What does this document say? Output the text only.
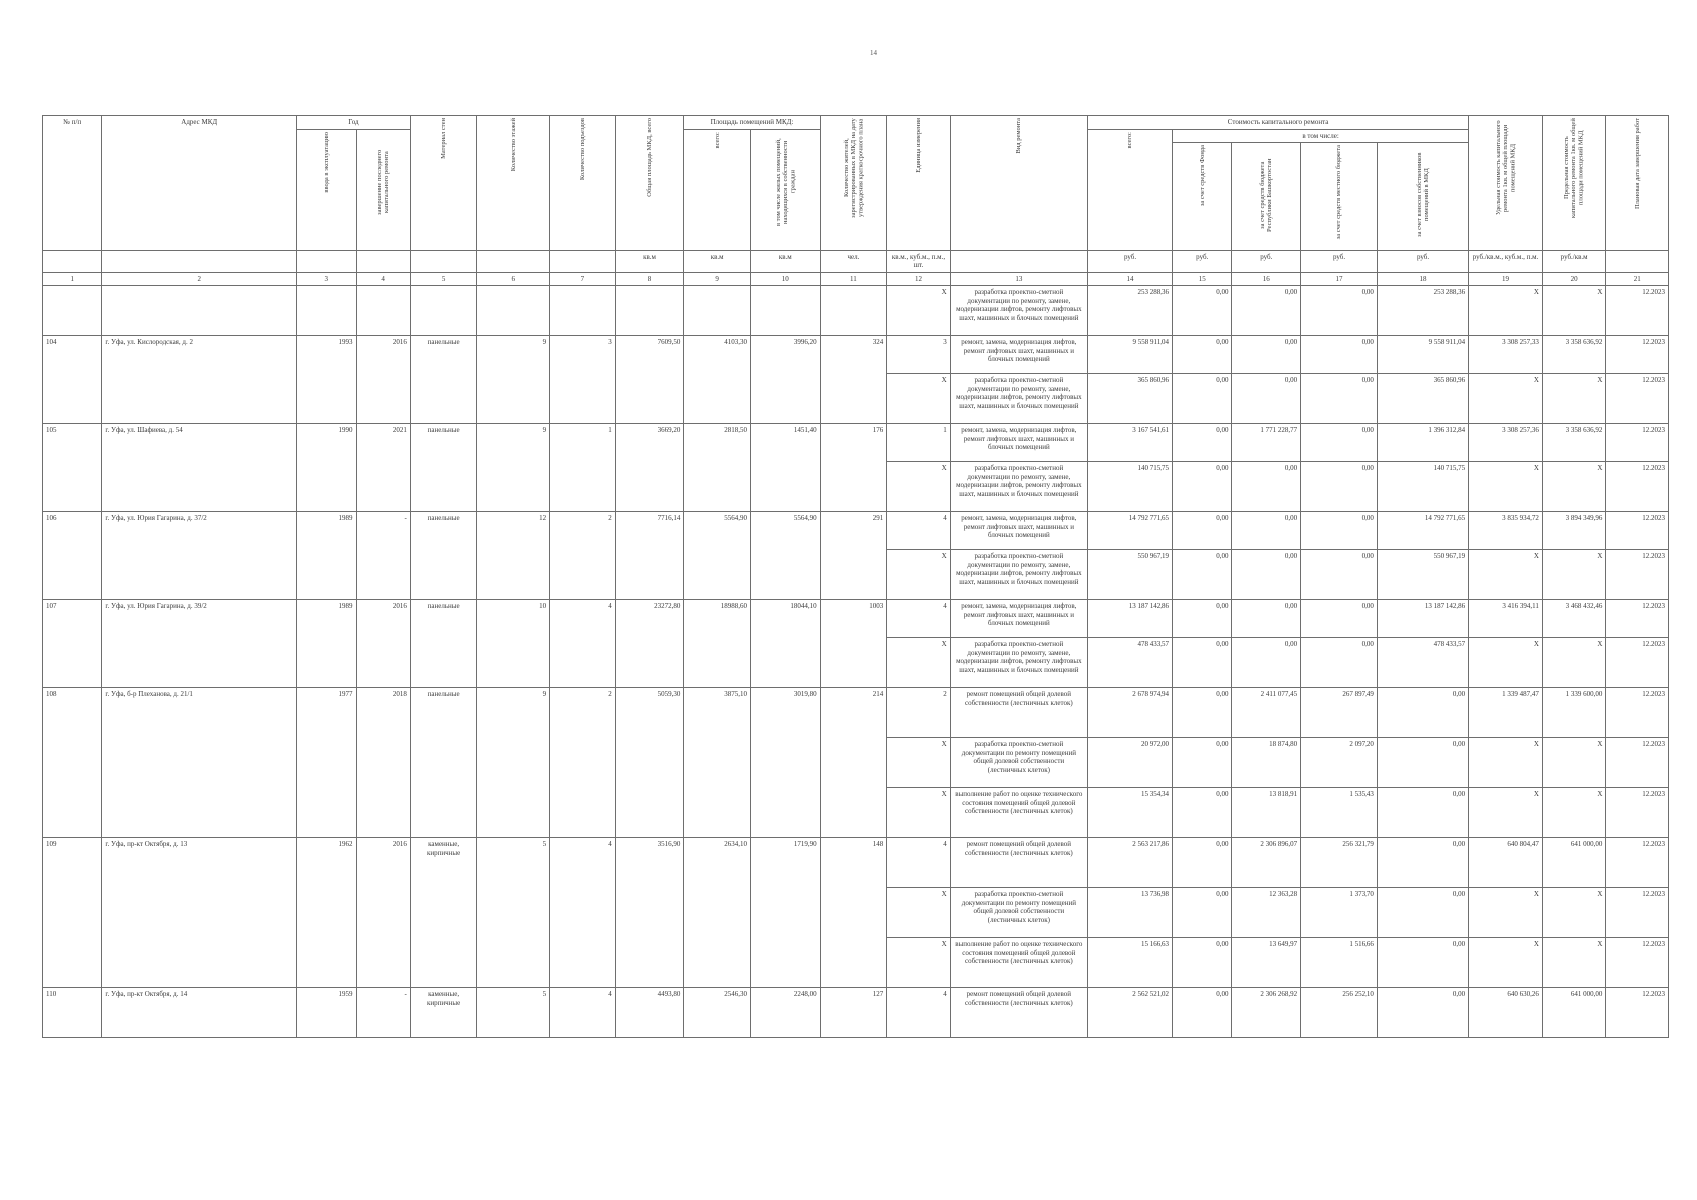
14
№ п/п	Адрес МКД	Год		Материал стен	Количество этажей	Количество подъездов	Общая площадь МКД, всего	Площадь помещений МКД:		Количество жителей, зарегистрированных в МКД на дату утверждения краткосрочного плана	Единица измерения	Вид ремонта	Стоимость капитального ремонта					Удельная стоимость капитального ремонта 1кв. м общей площади помещений МКД	Предельная стоимость капитального ремонта 1кв. м общей площади помещений МКД	Плановая дата завершения работ
		ввода в эксплуатацию	завершение последнего капитального ремонта					всего:	в том числе жилых помещений, находящихся в собственности граждан				всего:	в том числе:						
														за счет средств Фонда	за счет средств бюджета Республики Башкортостан	за счет средств местного бюджета	за счет взносов собственников помещений в МКД			
							кв.м	кв.м	кв.м	чел.	кв.м., куб.м., п.м., шт.		руб.	руб.	руб.	руб.	руб.	руб./кв.м., куб.м., п.м.	руб./кв.м	
1	2	3	4	5	6	7	8	9	10	11	12	13	14	15	16	17	18	19	20	21
											X	разработка проектно-сметной документации по ремонту, замене, модернизации лифтов, ремонту лифтовых шахт, машинных и блочных помещений	253 288,36	0,00	0,00	0,00	253 288,36	X	X	12.2023
104	г. Уфа, ул. Кислородская, д. 2	1993	2016	панельные	9	3	7609,50	4103,30	3996,20	324	3	ремонт, замена, модернизация лифтов, ремонт лифтовых шахт, машинных и блочных помещений	9 558 911,04	0,00	0,00	0,00	9 558 911,04	3 308 257,33	3 358 636,92	12.2023
											X	разработка проектно-сметной документации по ремонту, замене, модернизации лифтов, ремонту лифтовых шахт, машинных и блочных помещений	365 860,96	0,00	0,00	0,00	365 860,96	X	X	12.2023
105	г. Уфа, ул. Шафиева, д. 54	1990	2021	панельные	9	1	3669,20	2818,50	1451,40	176	1	ремонт, замена, модернизация лифтов, ремонт лифтовых шахт, машинных и блочных помещений	3 167 541,61	0,00	1 771 228,77	0,00	1 396 312,84	3 308 257,36	3 358 636,92	12.2023
											X	разработка проектно-сметной документации по ремонту, замене, модернизации лифтов, ремонту лифтовых шахт, машинных и блочных помещений	140 715,75	0,00	0,00	0,00	140 715,75	X	X	12.2023
106	г. Уфа, ул. Юрия Гагарина, д. 37/2	1989	-	панельные	12	2	7716,14	5564,90	5564,90	291	4	ремонт, замена, модернизация лифтов, ремонт лифтовых шахт, машинных и блочных помещений	14 792 771,65	0,00	0,00	0,00	14 792 771,65	3 835 934,72	3 894 349,96	12.2023
											X	разработка проектно-сметной документации по ремонту, замене, модернизации лифтов, ремонту лифтовых шахт, машинных и блочных помещений	550 967,19	0,00	0,00	0,00	550 967,19	X	X	12.2023
107	г. Уфа, ул. Юрия Гагарина, д. 39/2	1989	2016	панельные	10	4	23272,80	18988,60	18044,10	1003	4	ремонт, замена, модернизация лифтов, ремонт лифтовых шахт, машинных и блочных помещений	13 187 142,86	0,00	0,00	0,00	13 187 142,86	3 416 394,11	3 468 432,46	12.2023
											X	разработка проектно-сметной документации по ремонту, замене, модернизации лифтов, ремонту лифтовых шахт, машинных и блочных помещений	478 433,57	0,00	0,00	0,00	478 433,57	X	X	12.2023
108	г. Уфа, б-р Плеханова, д. 21/1	1977	2018	панельные	9	2	5059,30	3875,10	3019,80	214	2	ремонт помещений общей долевой собственности (лестничных клеток)	2 678 974,94	0,00	2 411 077,45	267 897,49	0,00	1 339 487,47	1 339 600,00	12.2023
											X	разработка проектно-сметной документации по ремонту помещений общей долевой собственности (лестничных клеток)	20 972,00	0,00	18 874,80	2 097,20	0,00	X	X	12.2023
											X	выполнение работ по оценке технического состояния помещений общей долевой собственности (лестничных клеток)	15 354,34	0,00	13 818,91	1 535,43	0,00	X	X	12.2023
109	г. Уфа, пр-кт Октября, д. 13	1962	2016	каменные, кирпичные	5	4	3516,90	2634,10	1719,90	148	4	ремонт помещений общей долевой собственности (лестничных клеток)	2 563 217,86	0,00	2 306 896,07	256 321,79	0,00	640 804,47	641 000,00	12.2023
											X	разработка проектно-сметной документации по ремонту помещений общей долевой собственности (лестничных клеток)	13 736,98	0,00	12 363,28	1 373,70	0,00	X	X	12.2023
											X	выполнение работ по оценке технического состояния помещений общей долевой собственности (лестничных клеток)	15 166,63	0,00	13 649,97	1 516,66	0,00	X	X	12.2023
110	г. Уфа, пр-кт Октября, д. 14	1959	-	каменные, кирпичные	5	4	4493,80	2546,30	2248,00	127	4	ремонт помещений общей долевой собственности (лестничных клеток)	2 562 521,02	0,00	2 306 268,92	256 252,10	0,00	640 630,26	641 000,00	12.2023
